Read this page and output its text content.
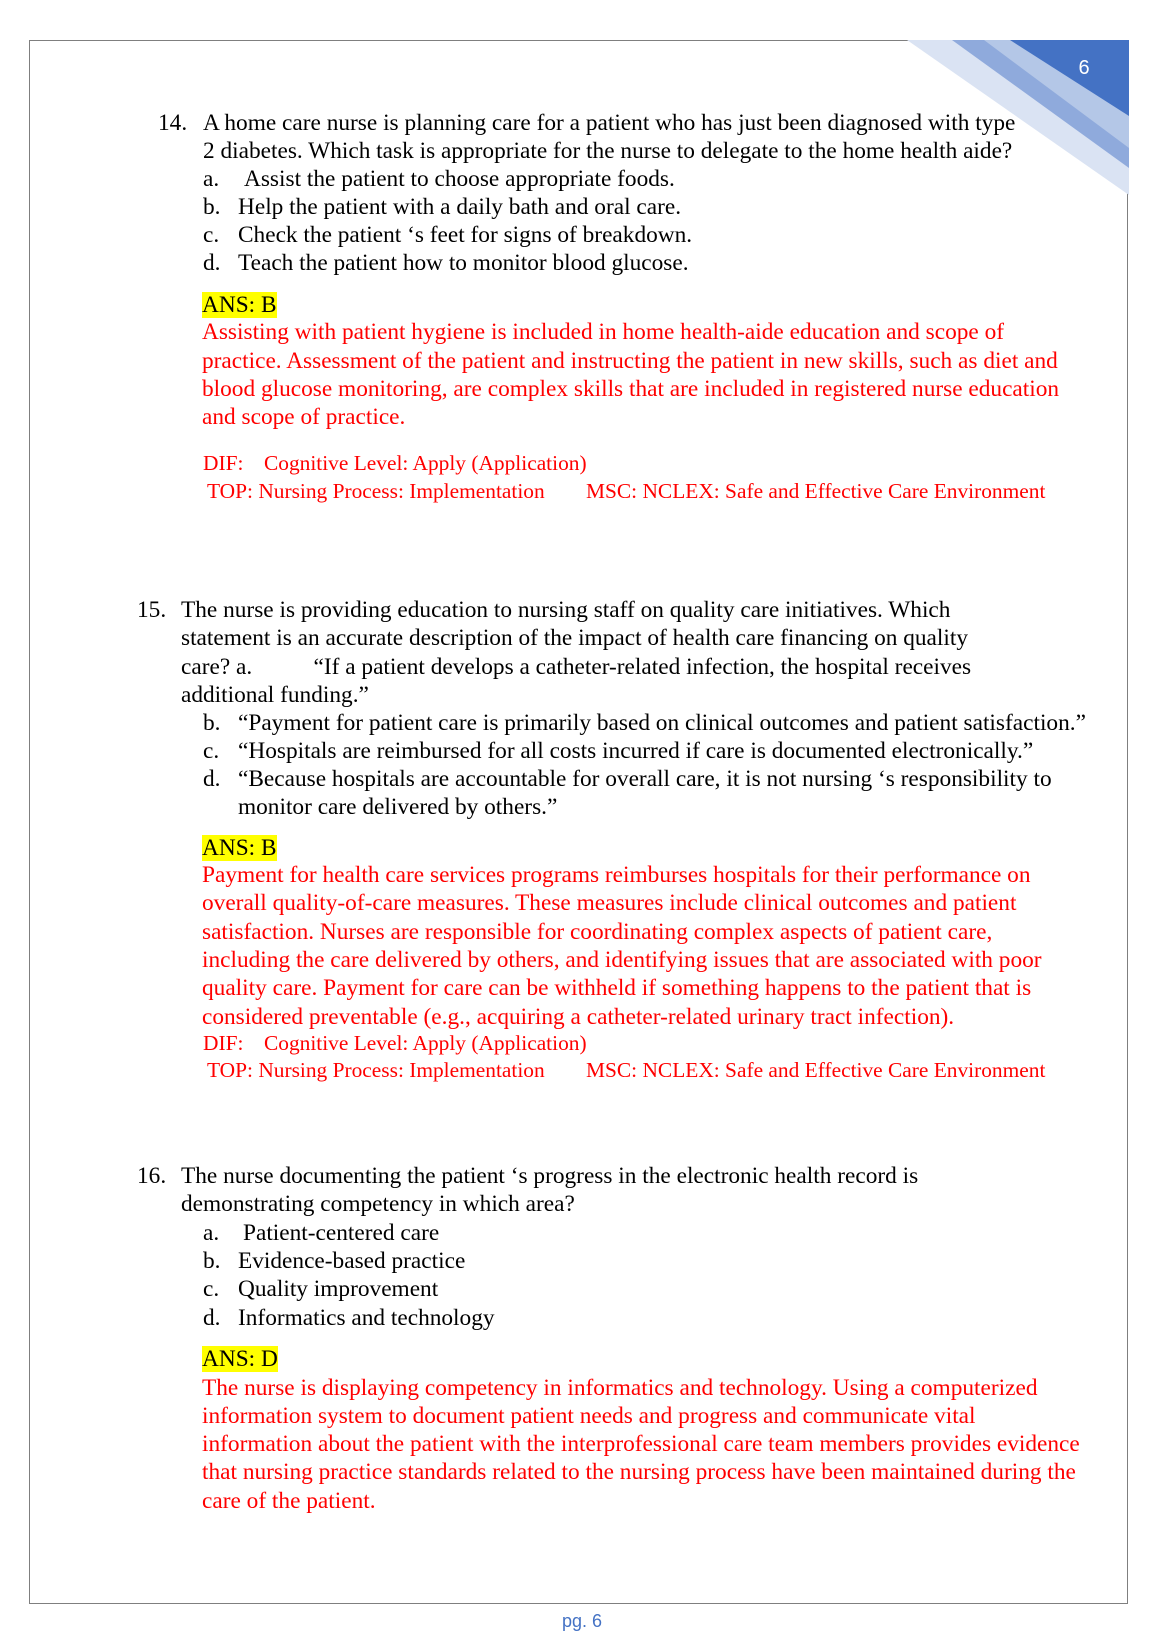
6
14. A home care nurse is planning care for a patient who has just been diagnosed with type
2 diabetes. Which task is appropriate for the nurse to delegate to the home health aide?
a. Assist the patient to choose appropriate foods.
b. Help the patient with a daily bath and oral care.
c. Check the patient ‘s feet for signs of breakdown.
d. Teach the patient how to monitor blood glucose.
ANS: B
Assisting with patient hygiene is included in home health-aide education and scope of
practice. Assessment of the patient and instructing the patient in new skills, such as diet and
blood glucose monitoring, are complex skills that are included in registered nurse education
and scope of practice.
DIF: Cognitive Level: Apply (Application)
TOP: Nursing Process: Implementation MSC: NCLEX: Safe and Effective Care Environment
15. The nurse is providing education to nursing staff on quality care initiatives. Which
statement is an accurate description of the impact of health care financing on quality
care? a.	“If a patient develops a catheter-related infection, the hospital receives
additional funding.”
b. “Payment for patient care is primarily based on clinical outcomes and patient satisfaction.”
c. “Hospitals are reimbursed for all costs incurred if care is documented electronically.”
d. “Because hospitals are accountable for overall care, it is not nursing ‘s responsibility to
monitor care delivered by others.”
ANS: B
Payment for health care services programs reimburses hospitals for their performance on
overall quality-of-care measures. These measures include clinical outcomes and patient
satisfaction. Nurses are responsible for coordinating complex aspects of patient care,
including the care delivered by others, and identifying issues that are associated with poor
quality care. Payment for care can be withheld if something happens to the patient that is
considered preventable (e.g., acquiring a catheter-related urinary tract infection).
DIF: Cognitive Level: Apply (Application)
TOP: Nursing Process: Implementation MSC: NCLEX: Safe and Effective Care Environment
16. The nurse documenting the patient ‘s progress in the electronic health record is
demonstrating competency in which area?
a. Patient-centered care
b. Evidence-based practice
c. Quality improvement
d. Informatics and technology
ANS: D
The nurse is displaying competency in informatics and technology. Using a computerized
information system to document patient needs and progress and communicate vital
information about the patient with the interprofessional care team members provides evidence
that nursing practice standards related to the nursing process have been maintained during the
care of the patient.
pg. 6
